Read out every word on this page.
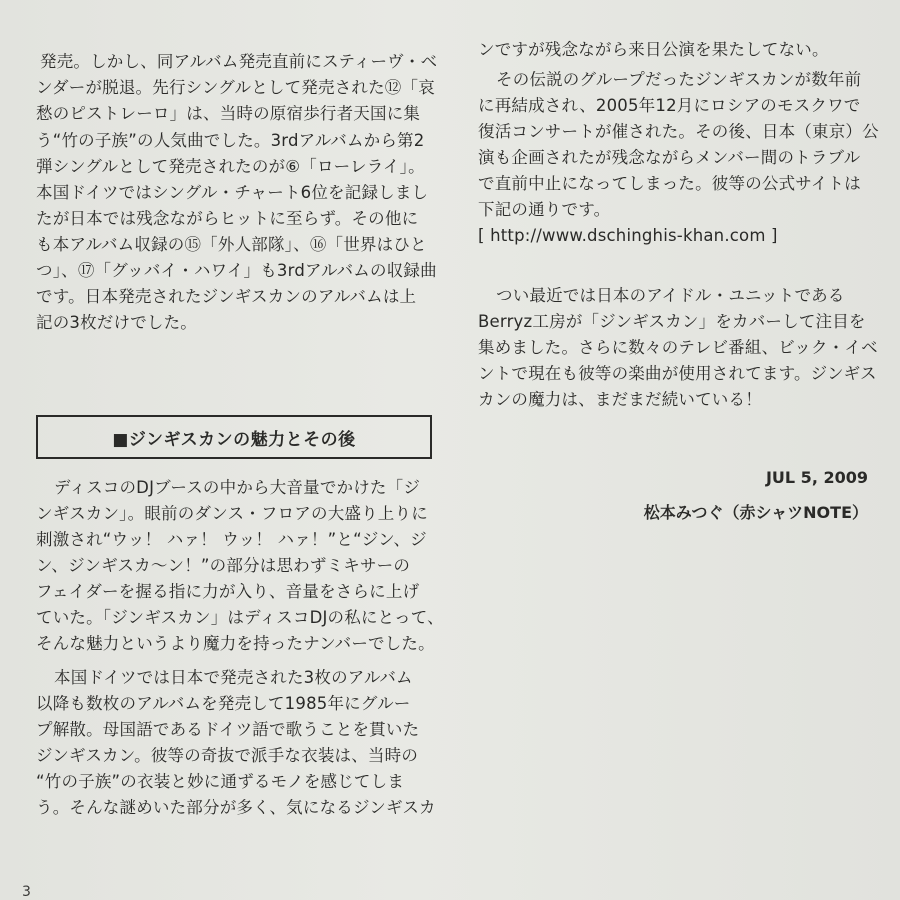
発売。しかし、同アルバム発売直前にスティーヴ・ベ
ンダーが脱退。先行シングルとして発売された⑫「哀
愁のピストレーロ」は、当時の原宿歩行者天国に集
う“竹の子族”の人気曲でした。3rdアルバムから第2
弾シングルとして発売されたのが⑥「ローレライ」。
本国ドイツではシングル・チャート6位を記録しまし
たが日本では残念ながらヒットに至らず。その他に
も本アルバム収録の⑮「外人部隊」、⑯「世界はひと
つ」、⑰「グッバイ・ハワイ」も3rdアルバムの収録曲
です。日本発売されたジンギスカンのアルバムは上
記の3枚だけでした。
■ジンギスカンの魅力とその後
ディスコのDJブースの中から大音量でかけた「ジ
ンギスカン」。眼前のダンス・フロアの大盛り上りに
刺激され“ウッ！ ハァ！ ウッ！ ハァ！”と“ジン、ジ
ン、ジンギスカ～ン！”の部分は思わずミキサーの
フェイダーを握る指に力が入り、音量をさらに上げ
ていた。「ジンギスカン」はディスコDJの私にとって、
そんな魅力というより魔力を持ったナンバーでした。
本国ドイツでは日本で発売された3枚のアルバム
以降も数枚のアルバムを発売して1985年にグルー
プ解散。母国語であるドイツ語で歌うことを貫いた
ジンギスカン。彼等の奇抜で派手な衣装は、当時の
“竹の子族”の衣装と妙に通ずるモノを感じてしま
う。そんな謎めいた部分が多く、気になるジンギスカ
ンですが残念ながら来日公演を果たしてない。
その伝説のグループだったジンギスカンが数年前
に再結成され、2005年12月にロシアのモスクワで
復活コンサートが催された。その後、日本（東京）公
演も企画されたが残念ながらメンバー間のトラブル
で直前中止になってしまった。彼等の公式サイトは
下記の通りです。
[ http://www.dschinghis-khan.com ]
つい最近では日本のアイドル・ユニットである
Berryz工房が「ジンギスカン」をカバーして注目を
集めました。さらに数々のテレビ番組、ビック・イベ
ントで現在も彼等の楽曲が使用されてます。ジンギス
カンの魔力は、まだまだ続いている！
JUL 5, 2009
松本みつぐ（赤シャツNOTE）
3
